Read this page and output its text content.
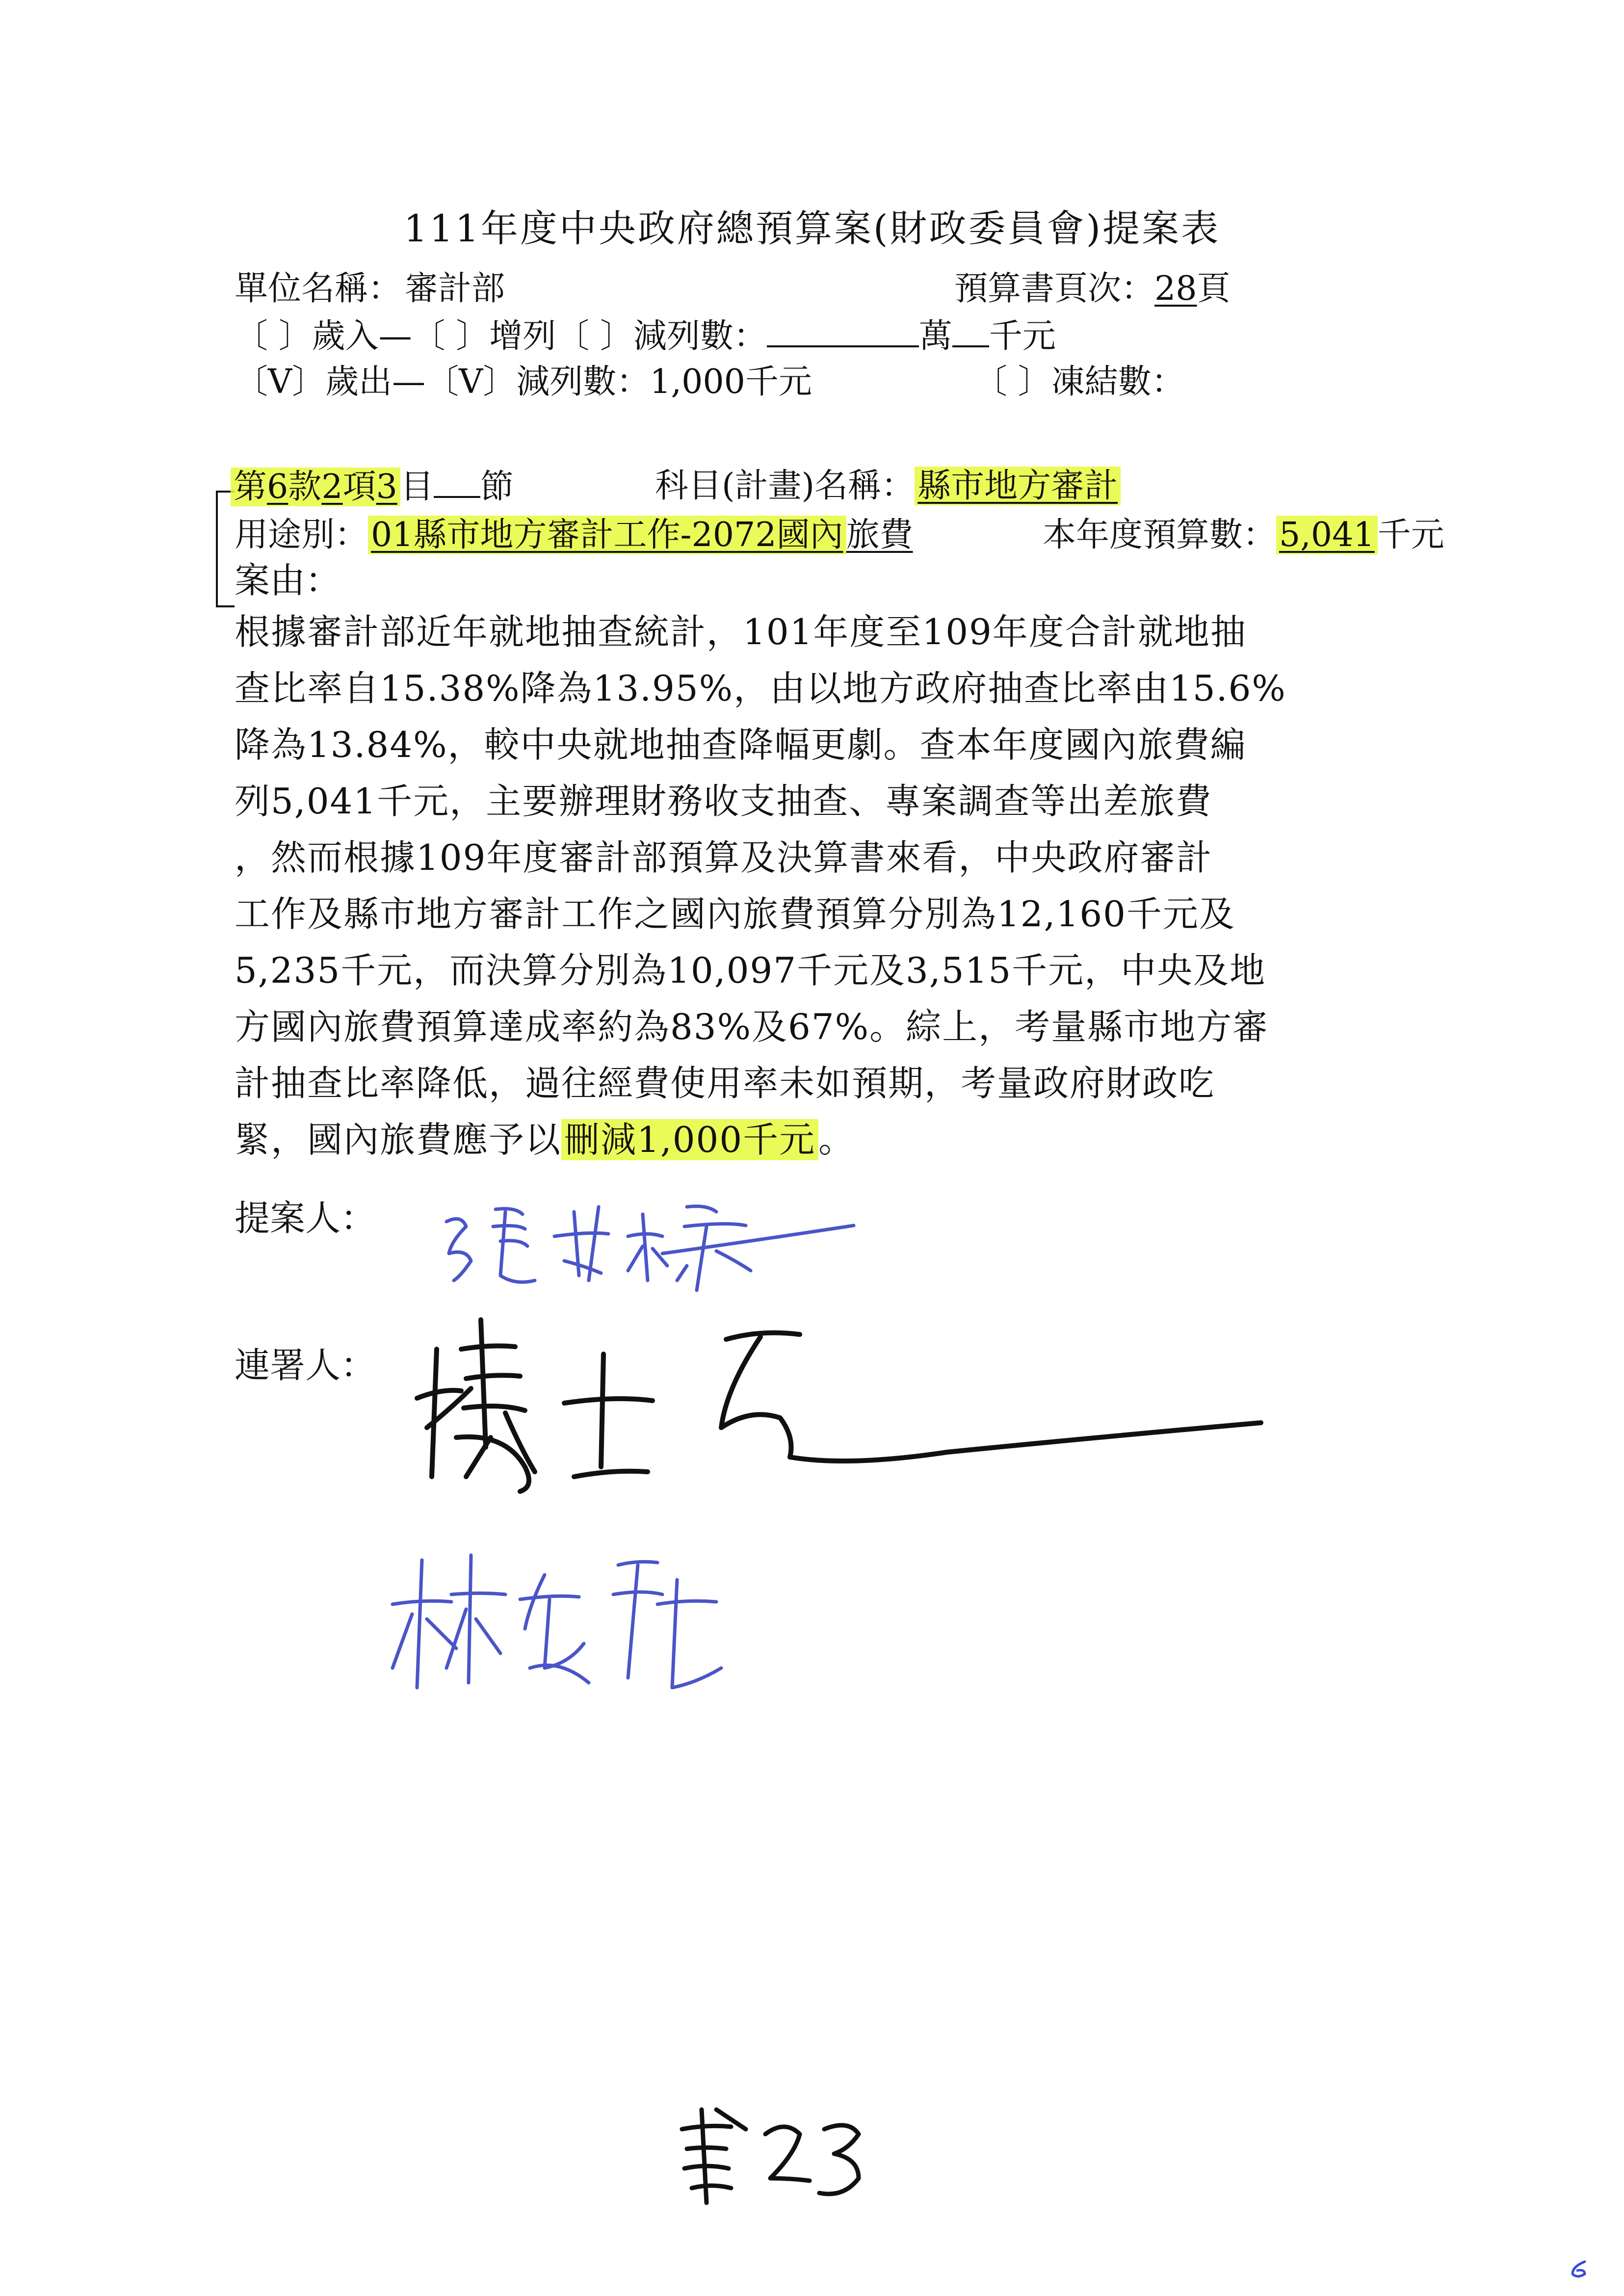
111年度中央政府總預算案(財政委員會)提案表
單位名稱： 審計部	預算書頁次：28頁
〔 〕歲入—〔 〕增列〔 〕減列數：	萬 千元
〔V〕歲出—〔V〕減列數：1,000千元	〔 〕凍結數：
第6款2項3目 節	科目(計畫)名稱：縣市地方審計
用途別：01縣市地方審計工作-2072國內旅費	本年度預算數：5,041千元
案由：

根據審計部近年就地抽查統計，101年度至109年度合計就地抽

查比率自15.38%降為13.95%，由以地方政府抽查比率由15.6%

降為13.84%，較中央就地抽查降幅更劇。查本年度國內旅費編

列5,041千元，主要辦理財務收支抽查、專案調查等出差旅費

，然而根據109年度審計部預算及決算書來看，中央政府審計

工作及縣市地方審計工作之國內旅費預算分別為12,160千元及

5,235千元，而決算分別為10,097千元及3,515千元，中央及地

方國內旅費預算達成率約為83%及67%。綜上，考量縣市地方審

計抽查比率降低，過往經費使用率未如預期，考量政府財政吃

緊，國內旅費應予以刪減1,000千元。

提案人：
連署人：
